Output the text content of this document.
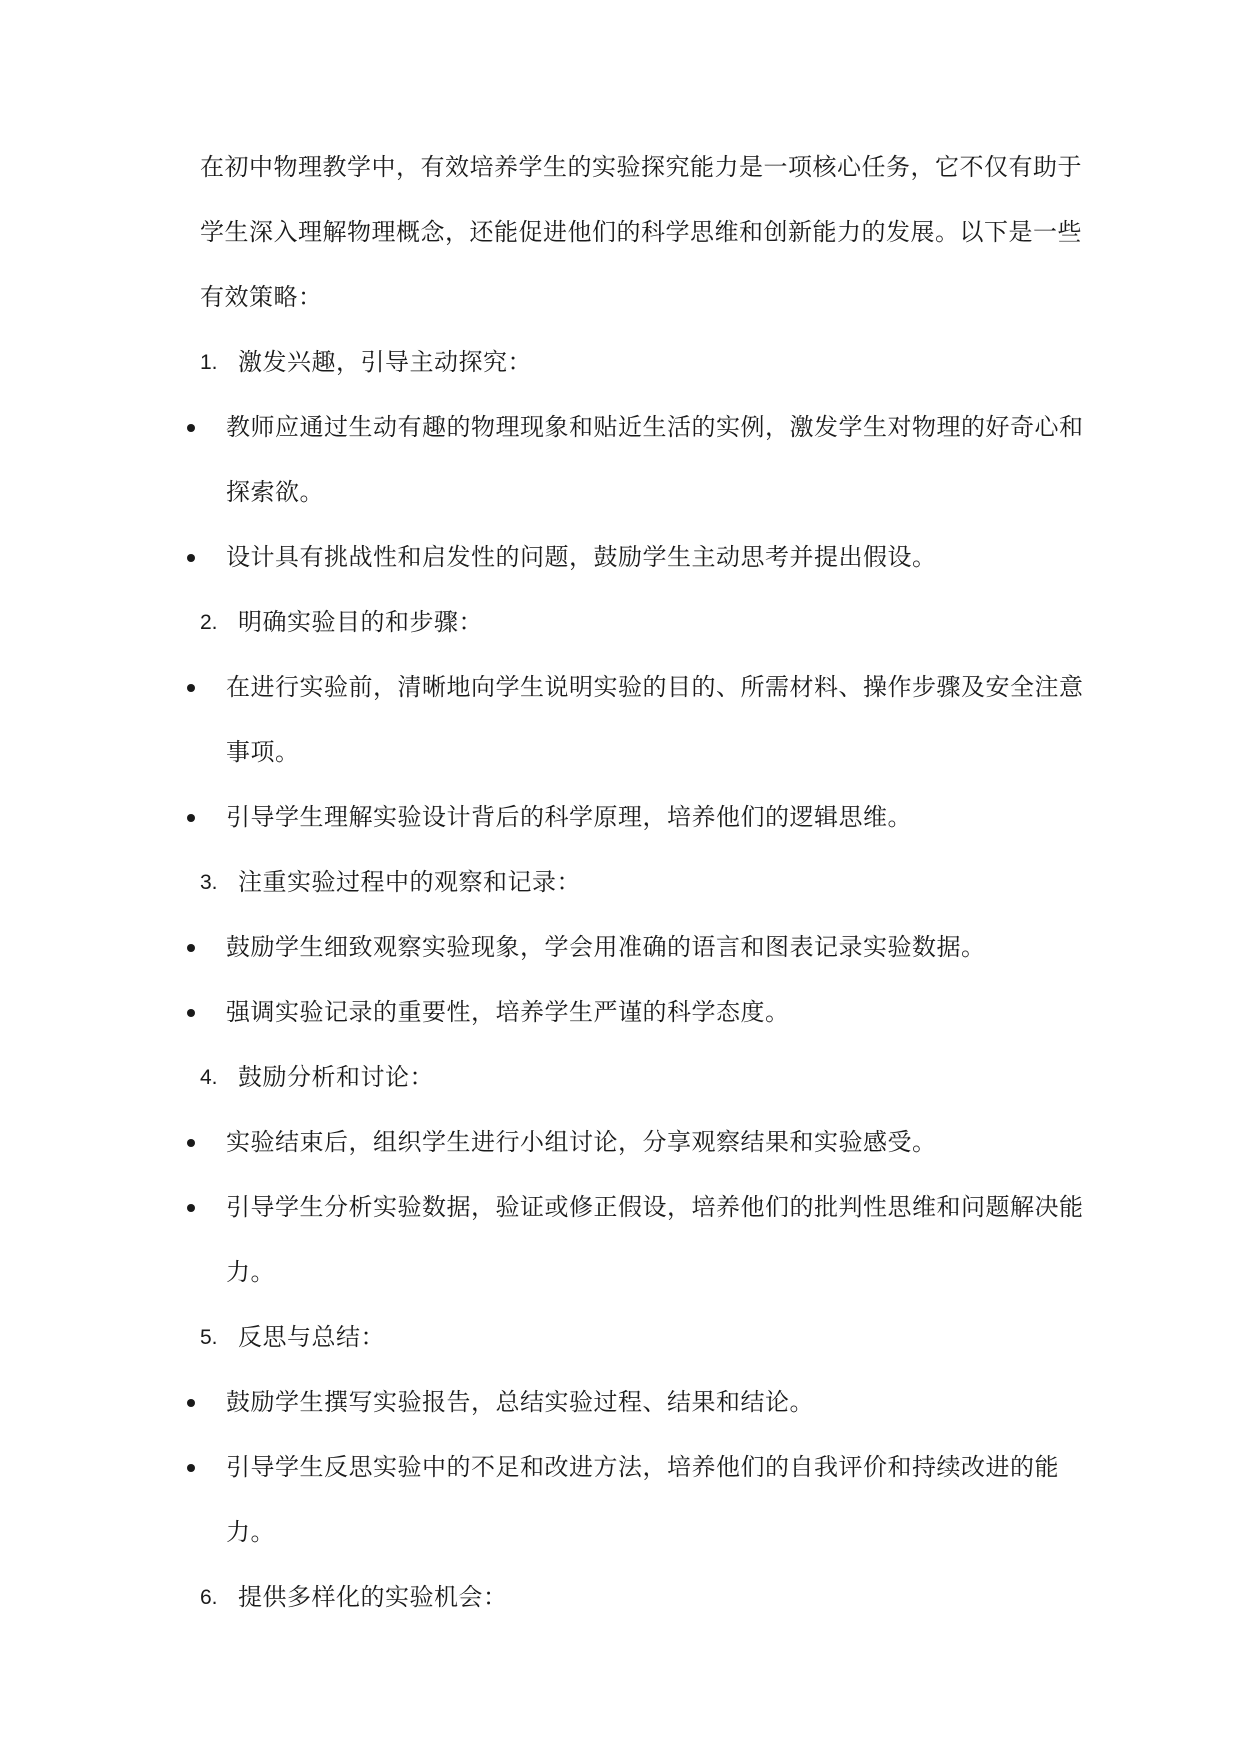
在初中物理教学中，有效培养学生的实验探究能力是一项核心任务，它不仅有助于学生深入理解物理概念，还能促进他们的科学思维和创新能力的发展。以下是一些有效策略：

1. 激发兴趣，引导主动探究：

教师应通过生动有趣的物理现象和贴近生活的实例，激发学生对物理的好奇心和探索欲。

设计具有挑战性和启发性的问题，鼓励学生主动思考并提出假设。

2. 明确实验目的和步骤：

在进行实验前，清晰地向学生说明实验的目的、所需材料、操作步骤及安全注意事项。

引导学生理解实验设计背后的科学原理，培养他们的逻辑思维。

3. 注重实验过程中的观察和记录：

鼓励学生细致观察实验现象，学会用准确的语言和图表记录实验数据。

强调实验记录的重要性，培养学生严谨的科学态度。

4. 鼓励分析和讨论：

实验结束后，组织学生进行小组讨论，分享观察结果和实验感受。

引导学生分析实验数据，验证或修正假设，培养他们的批判性思维和问题解决能力。

5. 反思与总结：

鼓励学生撰写实验报告，总结实验过程、结果和结论。

引导学生反思实验中的不足和改进方法，培养他们的自我评价和持续改进的能力。

6. 提供多样化的实验机会：
